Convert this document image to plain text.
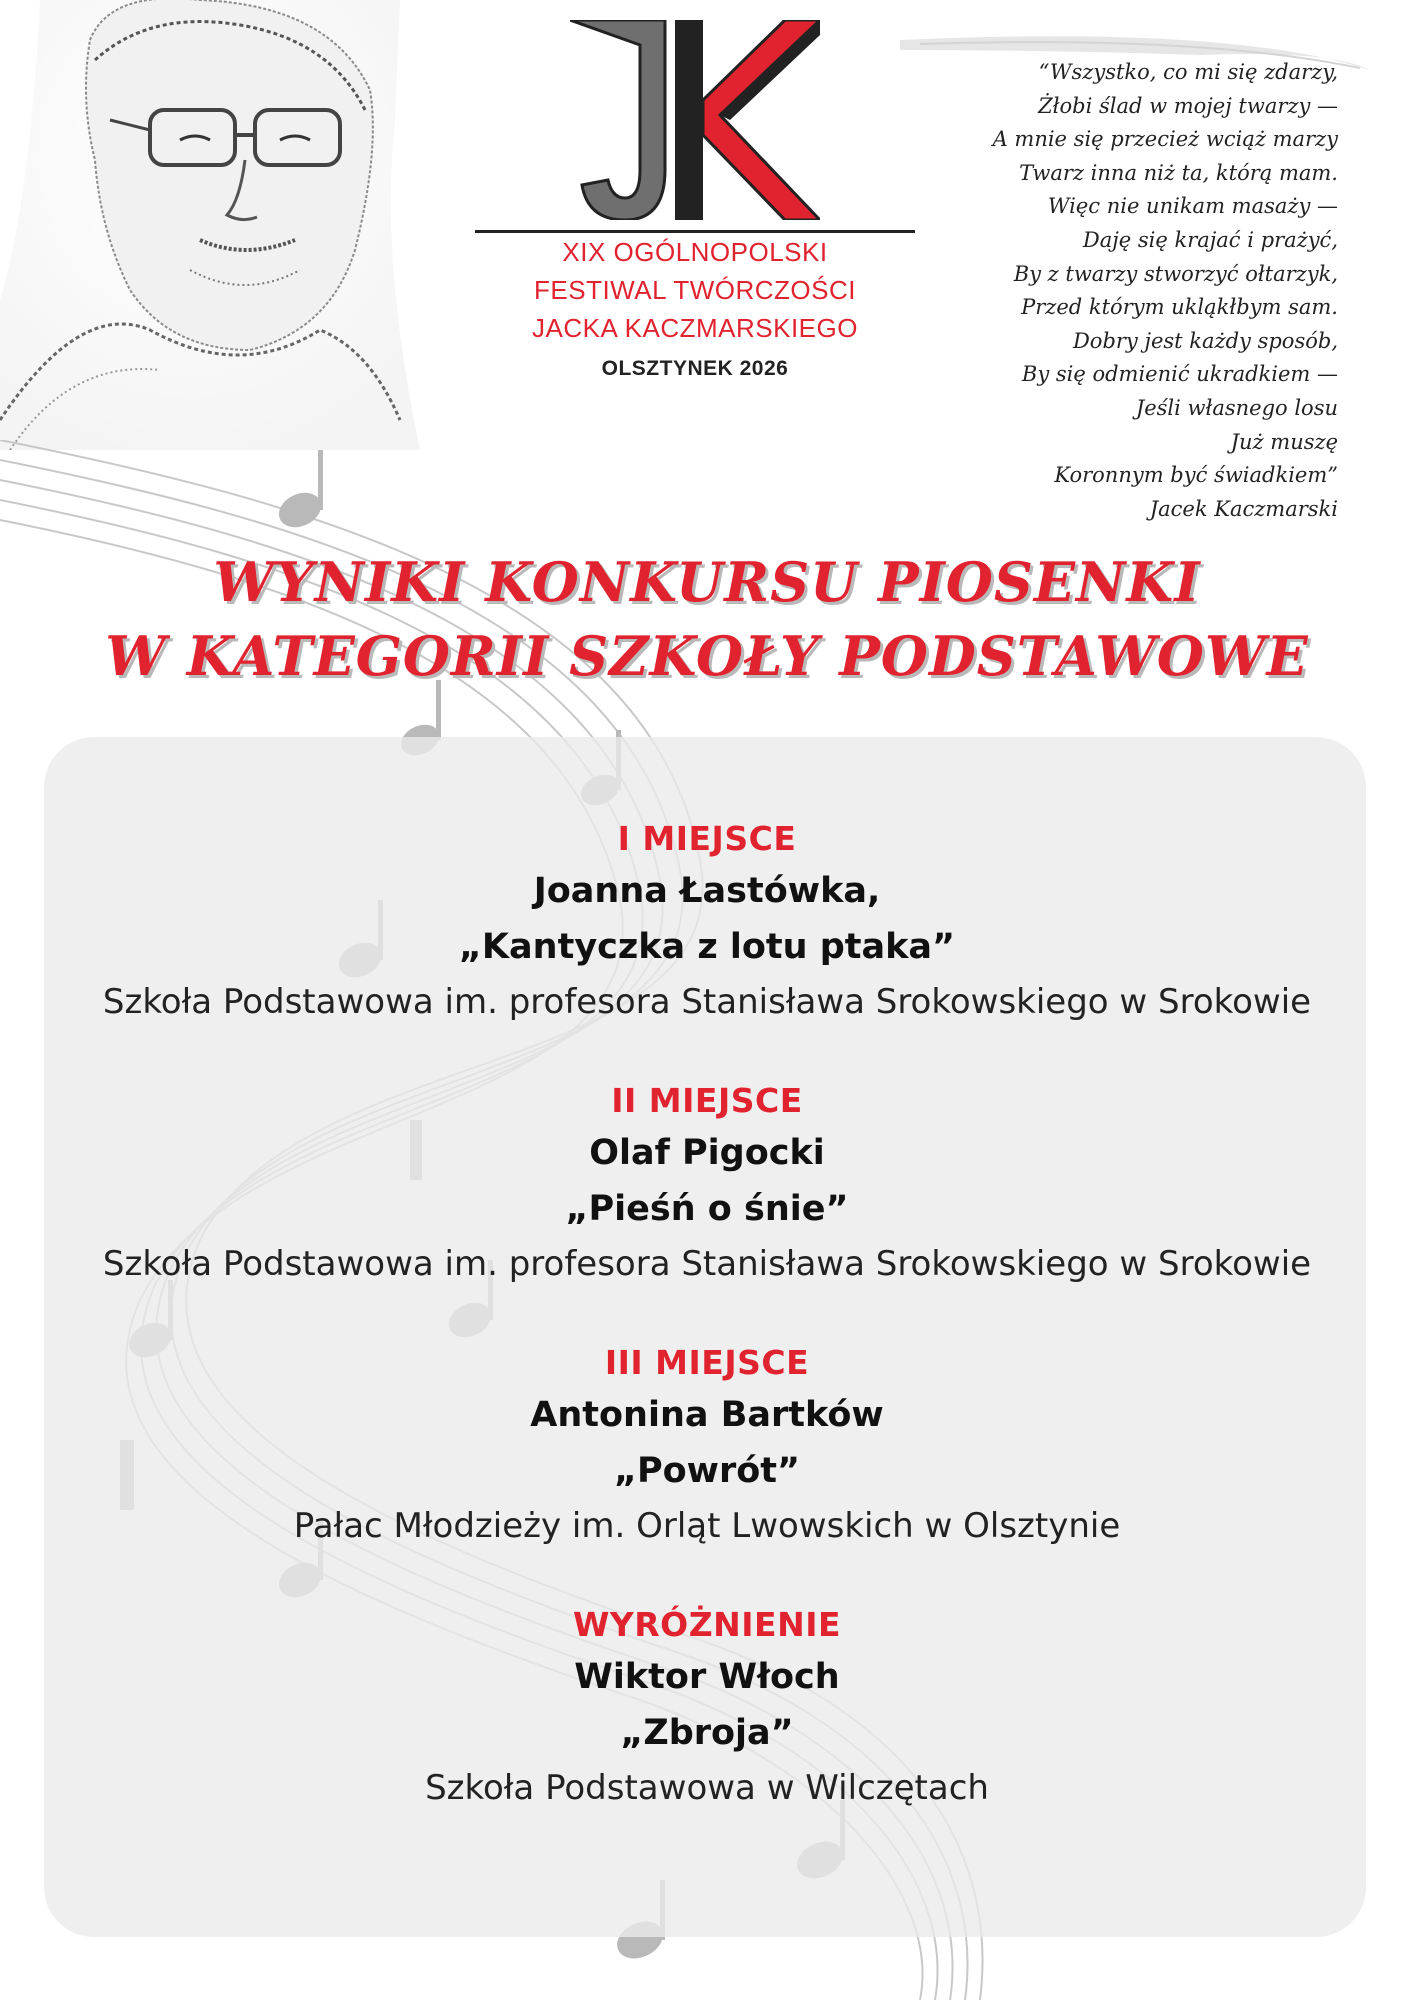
XIX OGÓLNOPOLSKI
FESTIWAL TWÓRCZOŚCI
JACKA KACZMARSKIEGO
OLSZTYNEK 2026
“Wszystko, co mi się zdarzy,
Żłobi ślad w mojej twarzy —
A mnie się przecież wciąż marzy
Twarz inna niż ta, którą mam.
Więc nie unikam masaży —
Daję się krajać i prażyć,
By z twarzy stworzyć ołtarzyk,
Przed którym ukląkłbym sam.
Dobry jest każdy sposób,
By się odmienić ukradkiem —
Jeśli własnego losu
Już muszę
Koronnym być świadkiem”
Jacek Kaczmarski
WYNIKI KONKURSU PIOSENKI
W KATEGORII SZKOŁY PODSTAWOWE
I MIEJSCE
Joanna Łastówka,
„Kantyczka z lotu ptaka”
Szkoła Podstawowa im. profesora Stanisława Srokowskiego w Srokowie
II MIEJSCE
Olaf Pigocki
„Pieśń o śnie”
Szkoła Podstawowa im. profesora Stanisława Srokowskiego w Srokowie
III MIEJSCE
Antonina Bartków
„Powrót”
Pałac Młodzieży im. Orląt Lwowskich w Olsztynie
WYRÓŻNIENIE
Wiktor Włoch
„Zbroja”
Szkoła Podstawowa w Wilczętach
